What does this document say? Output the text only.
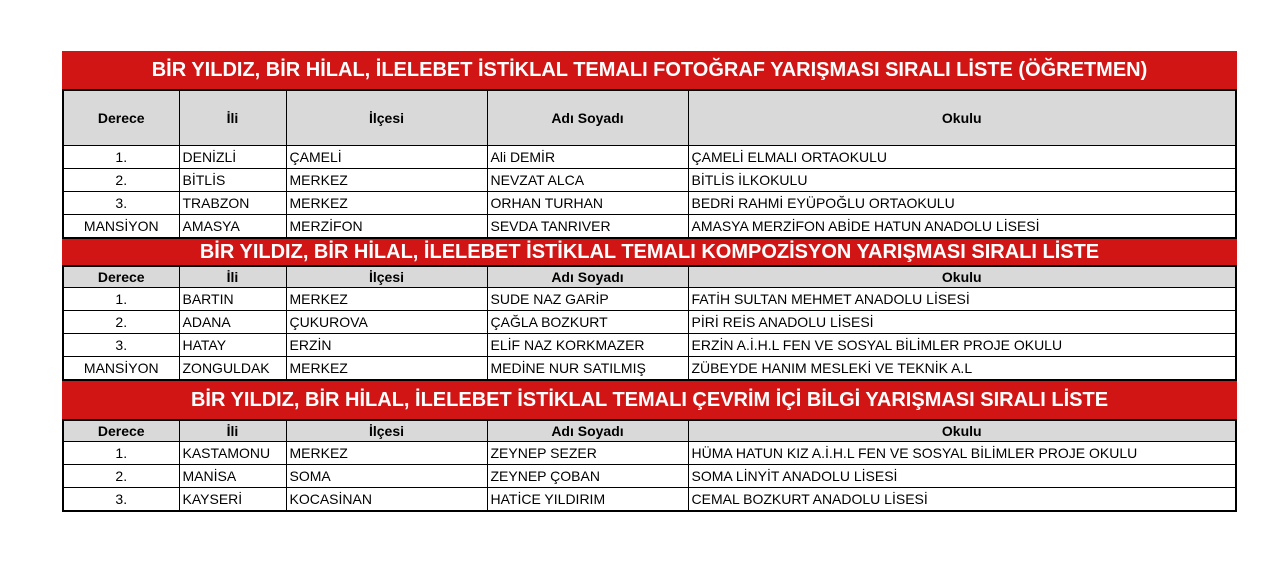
BİR YILDIZ, BİR HİLAL, İLELEBET İSTİKLAL TEMALI FOTOĞRAF YARIŞMASI SIRALI LİSTE (ÖĞRETMEN)
Derece	İli	İlçesi	Adı Soyadı	Okulu
1.	DENİZLİ	ÇAMELİ	Ali DEMİR	ÇAMELİ ELMALI ORTAOKULU
2.	BİTLİS	MERKEZ	NEVZAT ALCA	BİTLİS İLKOKULU
3.	TRABZON	MERKEZ	ORHAN TURHAN	BEDRİ RAHMİ EYÜPOĞLU ORTAOKULU
MANSİYON	AMASYA	MERZİFON	SEVDA TANRIVER	AMASYA MERZİFON ABİDE HATUN ANADOLU LİSESİ
BİR YILDIZ, BİR HİLAL, İLELEBET İSTİKLAL TEMALI KOMPOZİSYON YARIŞMASI SIRALI LİSTE
Derece	İli	İlçesi	Adı Soyadı	Okulu
1.	BARTIN	MERKEZ	SUDE NAZ GARİP	FATİH SULTAN MEHMET ANADOLU LİSESİ
2.	ADANA	ÇUKUROVA	ÇAĞLA BOZKURT	PİRİ REİS ANADOLU LİSESİ
3.	HATAY	ERZİN	ELİF NAZ KORKMAZER	ERZİN A.İ.H.L FEN VE SOSYAL BİLİMLER PROJE OKULU
MANSİYON	ZONGULDAK	MERKEZ	MEDİNE NUR SATILMIŞ	ZÜBEYDE HANIM MESLEKİ VE TEKNİK A.L
BİR YILDIZ, BİR HİLAL, İLELEBET İSTİKLAL TEMALI ÇEVRİM İÇİ BİLGİ YARIŞMASI SIRALI LİSTE
Derece	İli	İlçesi	Adı Soyadı	Okulu
1.	KASTAMONU	MERKEZ	ZEYNEP SEZER	HÜMA HATUN KIZ A.İ.H.L FEN VE SOSYAL BİLİMLER PROJE OKULU
2.	MANİSA	SOMA	ZEYNEP ÇOBAN	SOMA LİNYİT ANADOLU LİSESİ
3.	KAYSERİ	KOCASİNAN	HATİCE YILDIRIM	CEMAL BOZKURT ANADOLU LİSESİ
